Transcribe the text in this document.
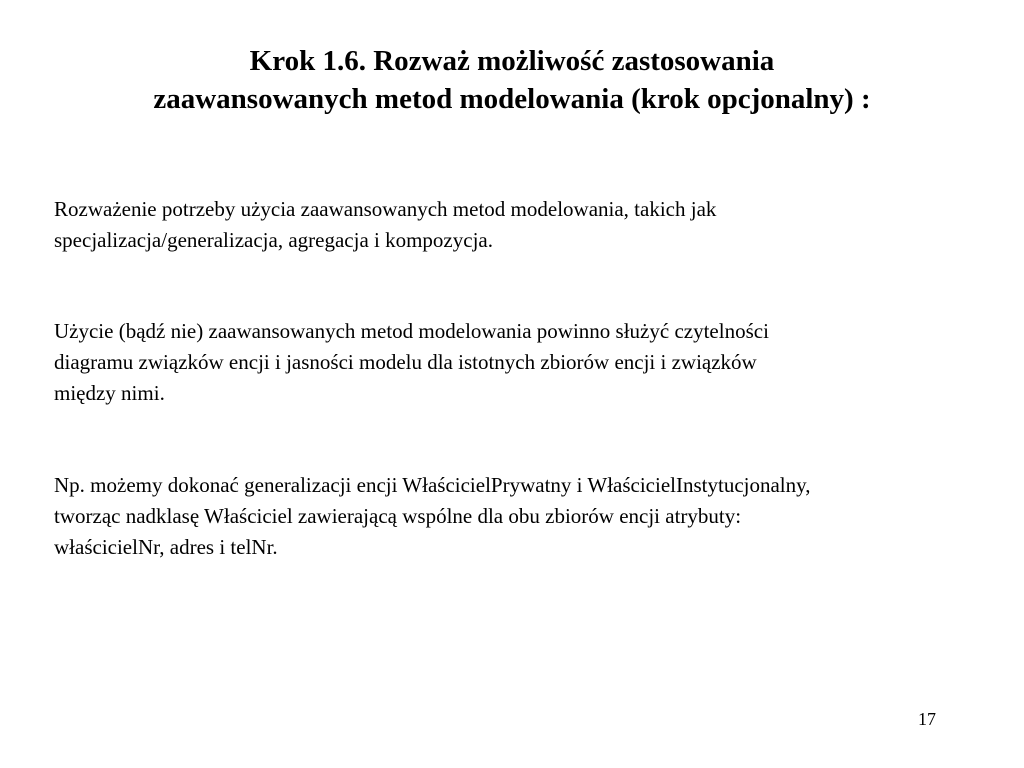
Krok 1.6. Rozważ możliwość zastosowania
zaawansowanych metod modelowania (krok opcjonalny) :

Rozważenie potrzeby użycia zaawansowanych metod modelowania, takich jak
specjalizacja/generalizacja, agregacja i kompozycja.

Użycie (bądź nie) zaawansowanych metod modelowania powinno służyć czytelności
diagramu związków encji i jasności modelu dla istotnych zbiorów encji i związków
między nimi.

Np. możemy dokonać generalizacji encji WłaścicielPrywatny i WłaścicielInstytucjonalny,
tworząc nadklasę Właściciel zawierającą wspólne dla obu zbiorów encji atrybuty:
właścicielNr, adres i telNr.

17
